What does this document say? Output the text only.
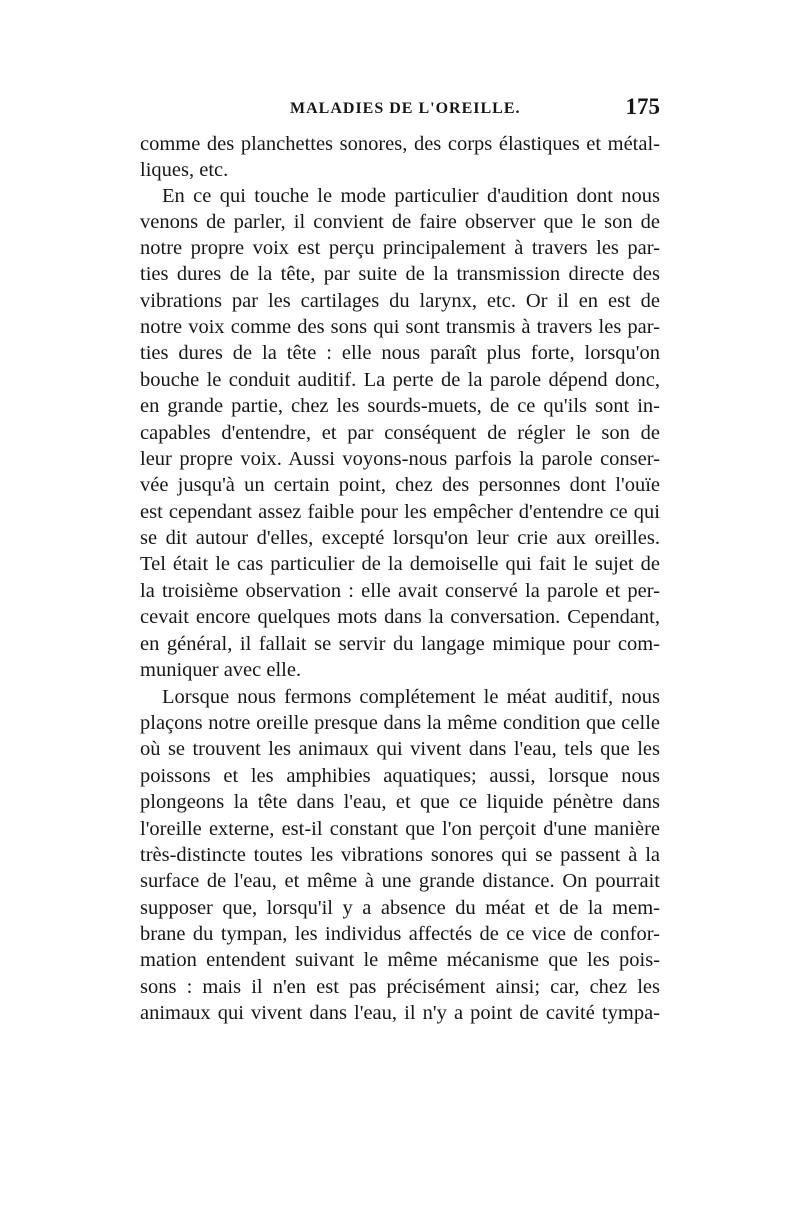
MALADIES DE L'OREILLE.	175
comme des planchettes sonores, des corps élastiques et métal-
liques, etc.
En ce qui touche le mode particulier d'audition dont nous
venons de parler, il convient de faire observer que le son de
notre propre voix est perçu principalement à travers les par-
ties dures de la tête, par suite de la transmission directe des
vibrations par les cartilages du larynx, etc. Or il en est de
notre voix comme des sons qui sont transmis à travers les par-
ties dures de la tête : elle nous paraît plus forte, lorsqu'on
bouche le conduit auditif. La perte de la parole dépend donc,
en grande partie, chez les sourds-muets, de ce qu'ils sont in-
capables d'entendre, et par conséquent de régler le son de
leur propre voix. Aussi voyons-nous parfois la parole conser-
vée jusqu'à un certain point, chez des personnes dont l'ouïe
est cependant assez faible pour les empêcher d'entendre ce qui
se dit autour d'elles, excepté lorsqu'on leur crie aux oreilles.
Tel était le cas particulier de la demoiselle qui fait le sujet de
la troisième observation : elle avait conservé la parole et per-
cevait encore quelques mots dans la conversation. Cependant,
en général, il fallait se servir du langage mimique pour com-
muniquer avec elle.
Lorsque nous fermons complétement le méat auditif, nous
plaçons notre oreille presque dans la même condition que celle
où se trouvent les animaux qui vivent dans l'eau, tels que les
poissons et les amphibies aquatiques; aussi, lorsque nous
plongeons la tête dans l'eau, et que ce liquide pénètre dans
l'oreille externe, est-il constant que l'on perçoit d'une manière
très-distincte toutes les vibrations sonores qui se passent à la
surface de l'eau, et même à une grande distance. On pourrait
supposer que, lorsqu'il y a absence du méat et de la mem-
brane du tympan, les individus affectés de ce vice de confor-
mation entendent suivant le même mécanisme que les pois-
sons : mais il n'en est pas précisément ainsi; car, chez les
animaux qui vivent dans l'eau, il n'y a point de cavité tympa-
